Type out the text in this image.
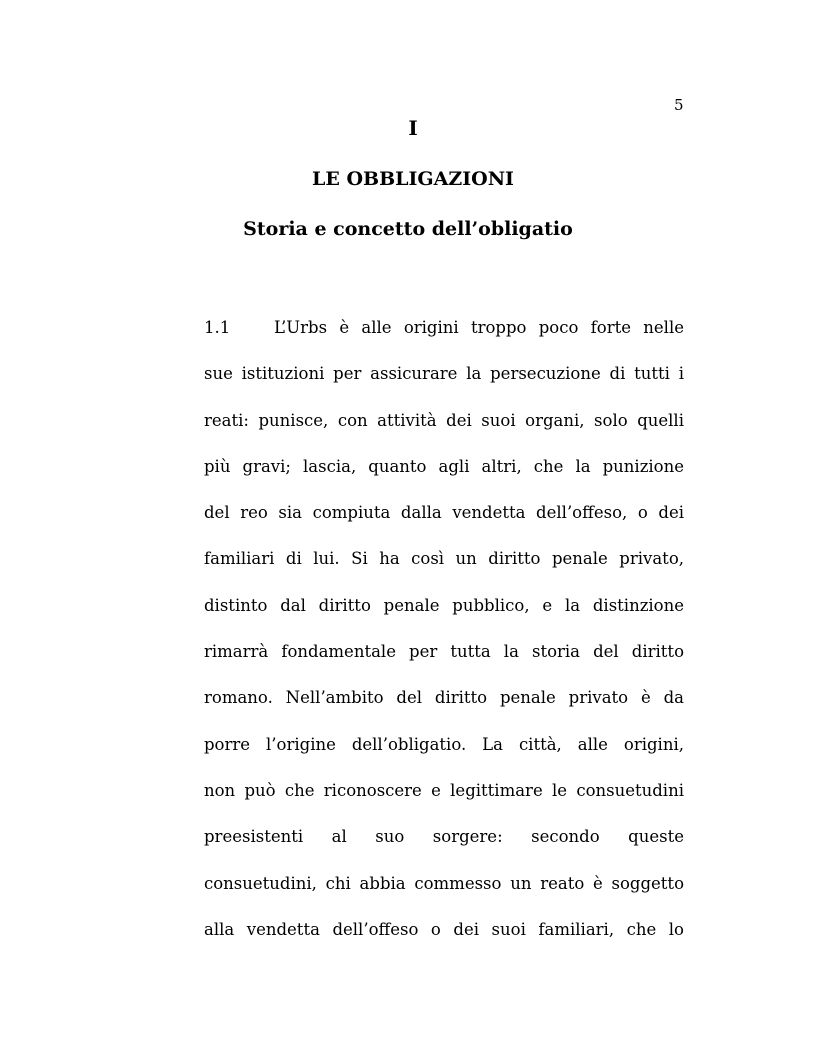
5
I
LE OBBLIGAZIONI
Storia e concetto dell’obligatio
1.1	L’Urbs è alle origini troppo poco forte nelle
sue istituzioni per assicurare la persecuzione di tutti i
reati: punisce, con attività dei suoi organi, solo quelli
più gravi; lascia, quanto agli altri, che la punizione
del reo sia compiuta dalla vendetta dell’offeso, o dei
familiari di lui. Si ha così un diritto penale privato,
distinto dal diritto penale pubblico, e la distinzione
rimarrà fondamentale per tutta la storia del diritto
romano. Nell’ambito del diritto penale privato è da
porre l’origine dell’obligatio. La città, alle origini,
non può che riconoscere e legittimare le consuetudini
preesistenti al suo sorgere: secondo queste
consuetudini, chi abbia commesso un reato è soggetto
alla vendetta dell’offeso o dei suoi familiari, che lo
